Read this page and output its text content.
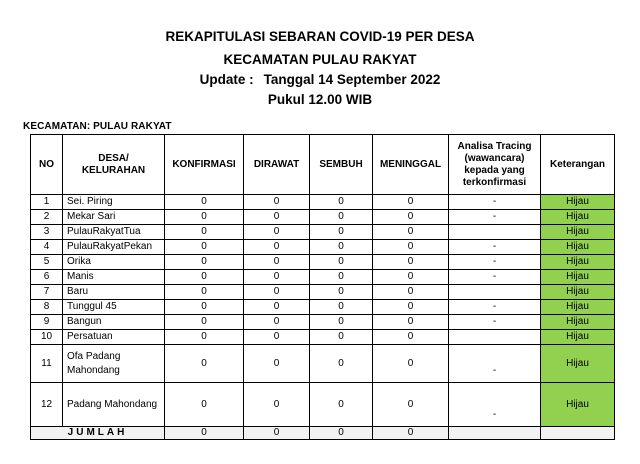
REKAPITULASI SEBARAN COVID-19 PER DESA
KECAMATAN PULAU RAKYAT
Update : Tanggal 14 September 2022
Pukul 12.00 WIB
KECAMATAN: PULAU RAKYAT
NO	DESA/ KELURAHAN	KONFIRMASI	DIRAWAT	SEMBUH	MENINGGAL	Analisa Tracing (wawancara) kepada yang terkonfirmasi	Keterangan
1	Sei. Piring	0	0	0	0	-	Hijau
2	Mekar Sari	0	0	0	0	-	Hijau
3	PulauRakyatTua	0	0	0	0		Hijau
4	PulauRakyatPekan	0	0	0	0	-	Hijau
5	Orika	0	0	0	0	-	Hijau
6	Manis	0	0	0	0	-	Hijau
7	Baru	0	0	0	0		Hijau
8	Tunggul 45	0	0	0	0	-	Hijau
9	Bangun	0	0	0	0	-	Hijau
10	Persatuan	0	0	0	0		Hijau
11	Ofa Padang Mahondang	0	0	0	0	-	Hijau
12	Padang Mahondang	0	0	0	0	-	Hijau
JUMLAH		0	0	0	0		
